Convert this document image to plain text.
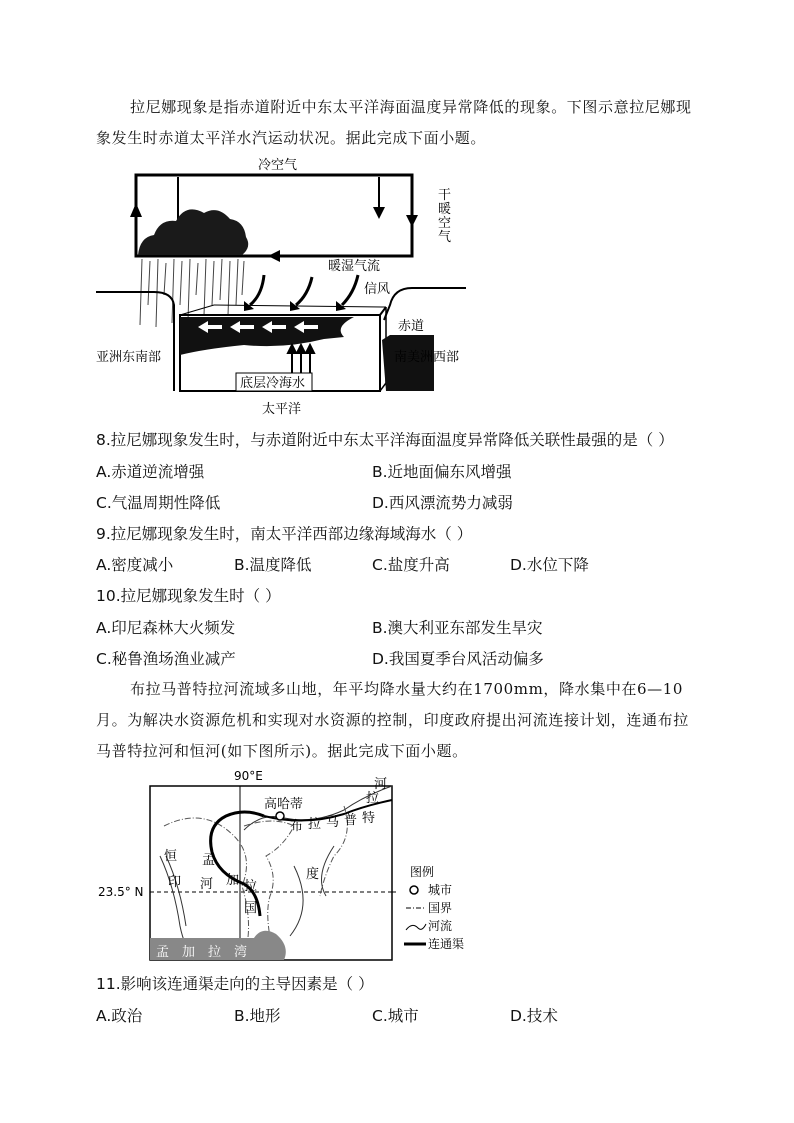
拉尼娜现象是指赤道附近中东太平洋海面温度异常降低的现象。下图示意拉尼娜现象发生时赤道太平洋水汽运动状况。据此完成下面小题。
冷空气
干
暖
空
气
暖湿气流
信风
赤道
亚洲东南部	南美洲西部
底层冷海水
太平洋
8.拉尼娜现象发生时，与赤道附近中东太平洋海面温度异常降低关联性最强的是（ ）
A.赤道逆流增强	B.近地面偏东风增强
C.气温周期性降低	D.西风漂流势力减弱
9.拉尼娜现象发生时，南太平洋西部边缘海域海水（ ）
A.密度减小	B.温度降低	C.盐度升高	D.水位下降
10.拉尼娜现象发生时（ ）
A.印尼森林大火频发	B.澳大利亚东部发生旱灾
C.秘鲁渔场渔业减产	D.我国夏季台风活动偏多
布拉马普特拉河流域多山地，年平均降水量大约在1700mm，降水集中在6—10月。为解决水资源危机和实现对水资源的控制，印度政府提出河流连接计划，连通布拉马普特拉河和恒河(如下图所示)。据此完成下面小题。
90°E
23.5° N
高哈蒂	拉
河
布 拉 马 普 特
恒
河
印
度
孟
加 拉
国
孟 加 拉 湾
图例
城市
国界
河流
连通渠
11.影响该连通渠走向的主导因素是（ ）
A.政治	B.地形	C.城市	D.技术
